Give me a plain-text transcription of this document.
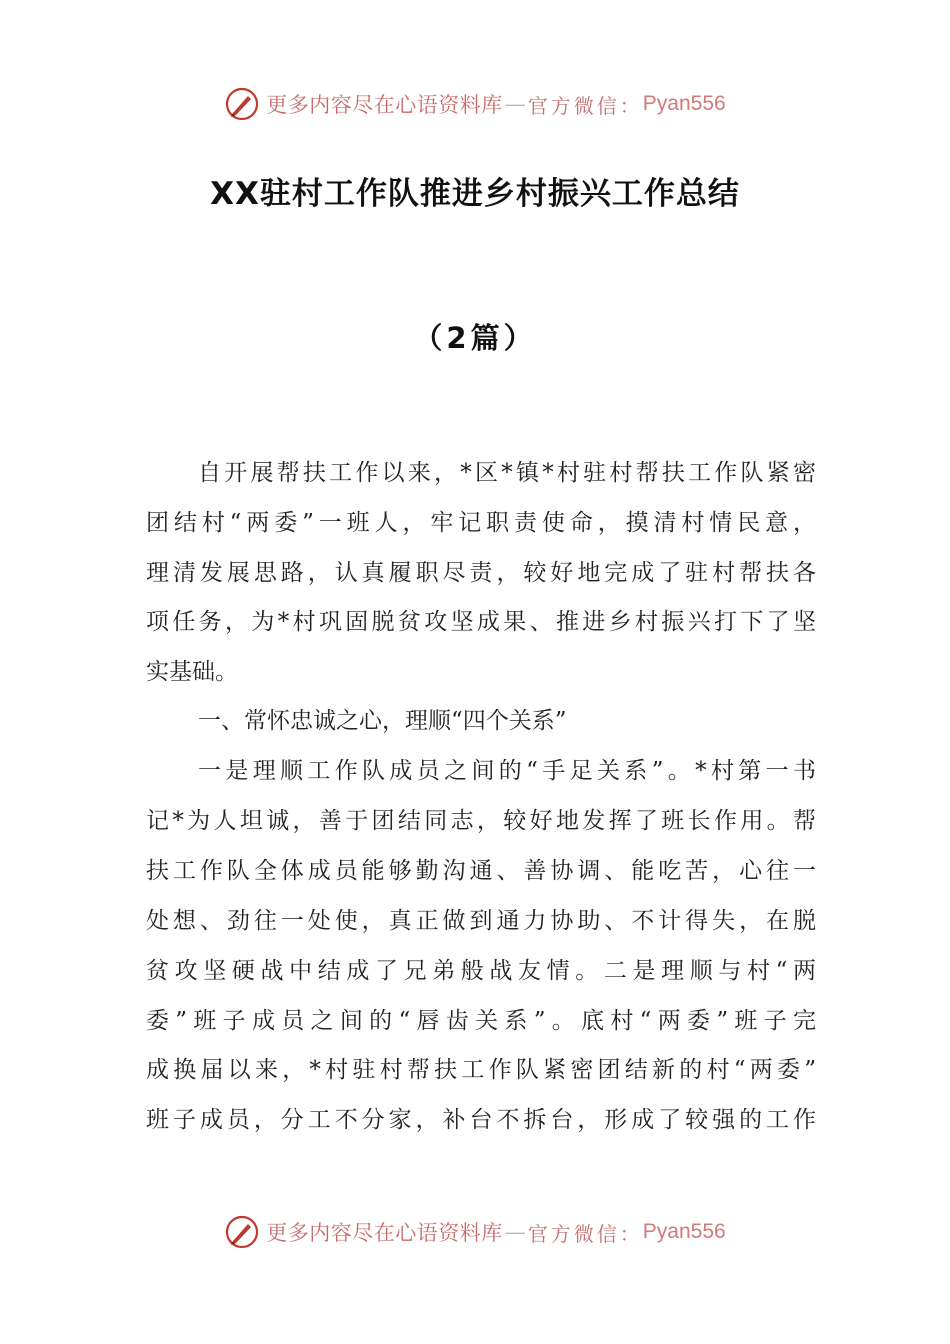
更多内容尽在心语资料库 — 官方微信： Pyan556
XX驻村工作队推进乡村振兴工作总结
（2篇）
自开展帮扶工作以来，*区*镇*村驻村帮扶工作队紧密
团结村“两委”一班人，牢记职责使命，摸清村情民意，
理清发展思路，认真履职尽责，较好地完成了驻村帮扶各
项任务，为*村巩固脱贫攻坚成果、推进乡村振兴打下了坚
实基础。
一、常怀忠诚之心，理顺“四个关系”
一是理顺工作队成员之间的“手足关系”。*村第一书
记*为人坦诚，善于团结同志，较好地发挥了班长作用。帮
扶工作队全体成员能够勤沟通、善协调、能吃苦，心往一
处想、劲往一处使，真正做到通力协助、不计得失，在脱
贫攻坚硬战中结成了兄弟般战友情。二是理顺与村“两
委”班子成员之间的“唇齿关系”。底村“两委”班子完
成换届以来，*村驻村帮扶工作队紧密团结新的村“两委”
班子成员，分工不分家，补台不拆台，形成了较强的工作
更多内容尽在心语资料库 — 官方微信： Pyan556
